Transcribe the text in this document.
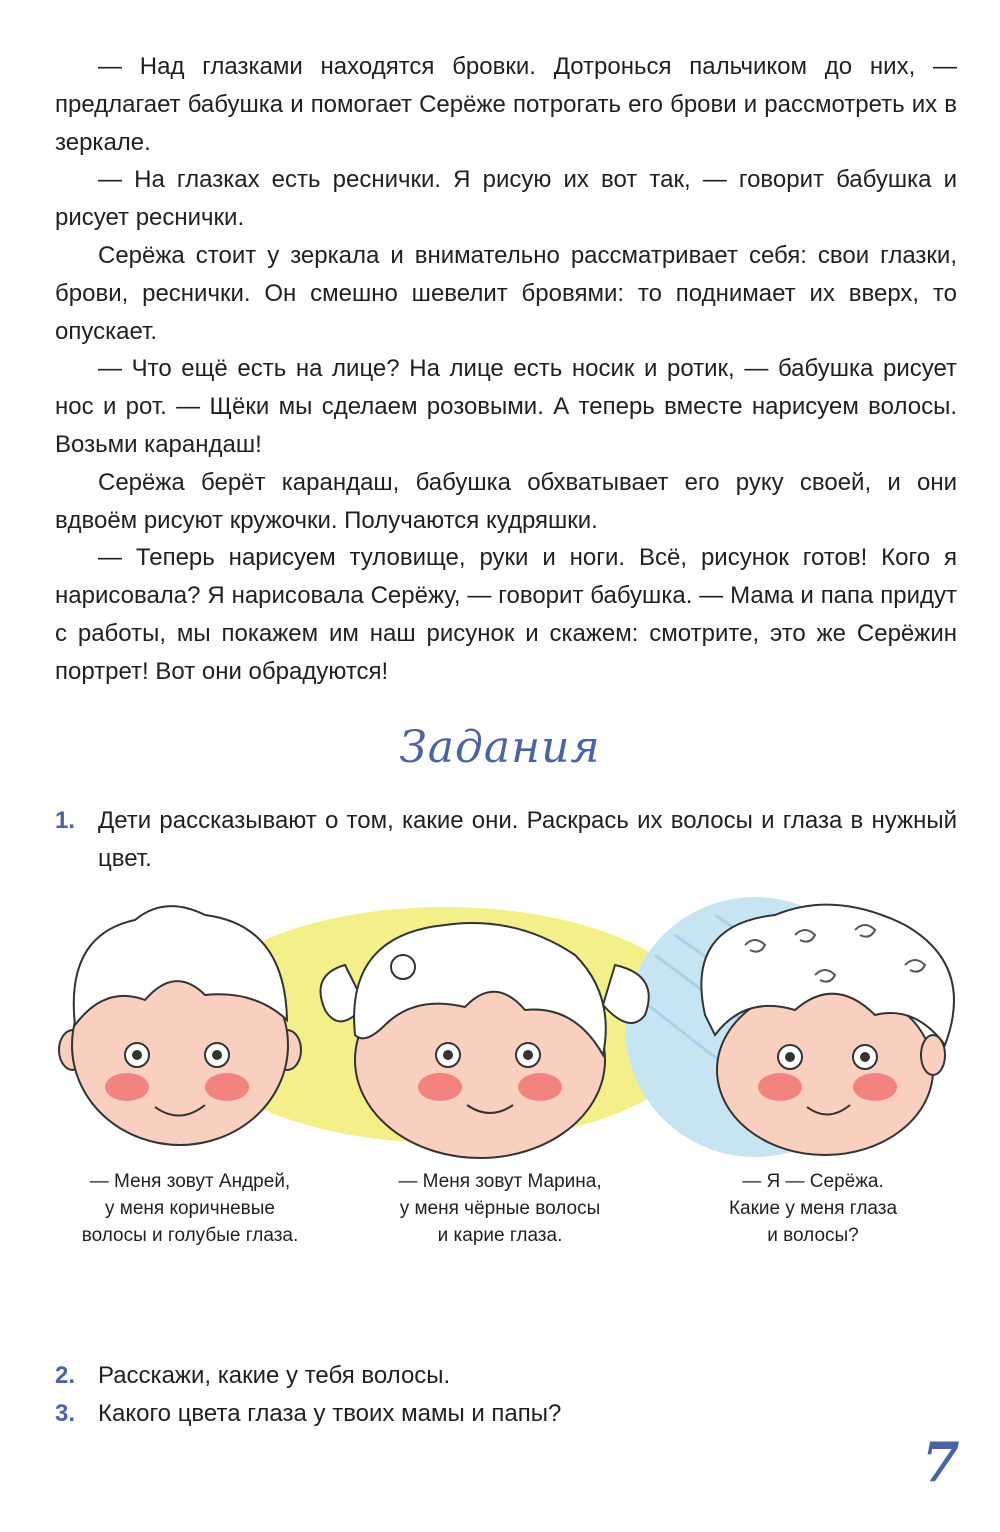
— Над глазками находятся бровки. Дотронься пальчиком до них, — предлагает бабушка и помогает Серёже потрогать его брови и рассмотреть их в зеркале.

— На глазках есть реснички. Я рисую их вот так, — говорит бабушка и рисует реснички.

Серёжа стоит у зеркала и внимательно рассматривает себя: свои глазки, брови, реснички. Он смешно шевелит бровями: то поднимает их вверх, то опускает.

— Что ещё есть на лице? На лице есть носик и ротик, — бабушка рисует нос и рот. — Щёки мы сделаем розовыми. А теперь вместе нарисуем волосы. Возьми карандаш!

Серёжа берёт карандаш, бабушка обхватывает его руку своей, и они вдвоём рисуют кружочки. Получаются кудряшки.

— Теперь нарисуем туловище, руки и ноги. Всё, рисунок готов! Кого я нарисовала? Я нарисовала Серёжу, — говорит бабушка. — Мама и папа придут с работы, мы покажем им наш рисунок и скажем: смотрите, это же Серёжин портрет! Вот они обрадуются!

Задания
1. Дети рассказывают о том, какие они. Раскрась их волосы и глаза в нужный цвет.
— Меня зовут Андрей,
у меня коричневые
волосы и голубые глаза.
— Меня зовут Марина,
у меня чёрные волосы
и карие глаза.
— Я — Серёжа.
Какие у меня глаза
и волосы?
2. Расскажи, какие у тебя волосы.
3. Какого цвета глаза у твоих мамы и папы?
7
